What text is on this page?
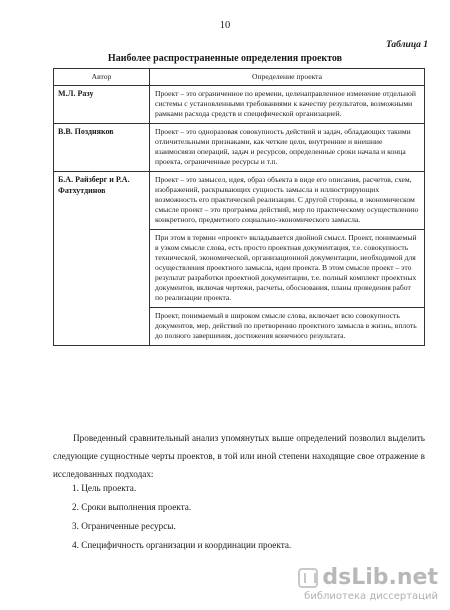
10
Таблица 1
Наиболее распространенные определения проектов
Автор	Определение проекта
М.Л. Разу	Проект – это ограниченное по времени, целенаправленное изменение отдельной системы с установленными требованиями к качеству результатов, возможными рамками расхода средств и специфической организацией.

В.В. Поздняков	Проект – это одноразовая совокупность действий и задач, обладающих такими отличительными признаками, как четкие цели, внутренние и внешние взаимосвязи операций, задач и ресурсов, определенные сроки начала и конца проекта, ограниченные ресурсы и т.п.

Б.А. Райзберг и Р.А. Фатхутдинов	Проект – это замысел, идея, образ объекта в виде его описания, расчетов, схем, изображений, раскрывающих сущность замысла и иллюстрирующих возможность его практической реализации. С другой стороны, в экономическом смысле проект – это программа действий, мер по практическому осуществлению конкретного, предметного социально-экономического замысла.
При этом в термин «проект» вкладывается двойной смысл. Проект, понимаемый в узком смысле слова, есть просто проектная документация, т.е. совокупность технической, экономической, организационной документации, необходимой для осуществления проектного замысла, идеи проекта. В этом смысле проект – это результат разработки проектной документации, т.е. полный комплект проектных документов, включая чертежи, расчеты, обоснования, планы проведения работ по реализации проекта.
Проект, понимаемый в широком смысле слова, включает всю совокупность документов, мер, действий по претворению проектного замысла в жизнь, вплоть до полного завершения, достижения конечного результата.
Проведенный сравнительный анализ упомянутых выше определений позволил выделить следующие сущностные черты проектов, в той или иной степени находящие свое отражение в исследованных подходах:
1. Цель проекта.
2. Сроки выполнения проекта.
3. Ограниченные ресурсы.
4. Специфичность организации и координации проекта.
dsLib.net
библиотека диссертаций
